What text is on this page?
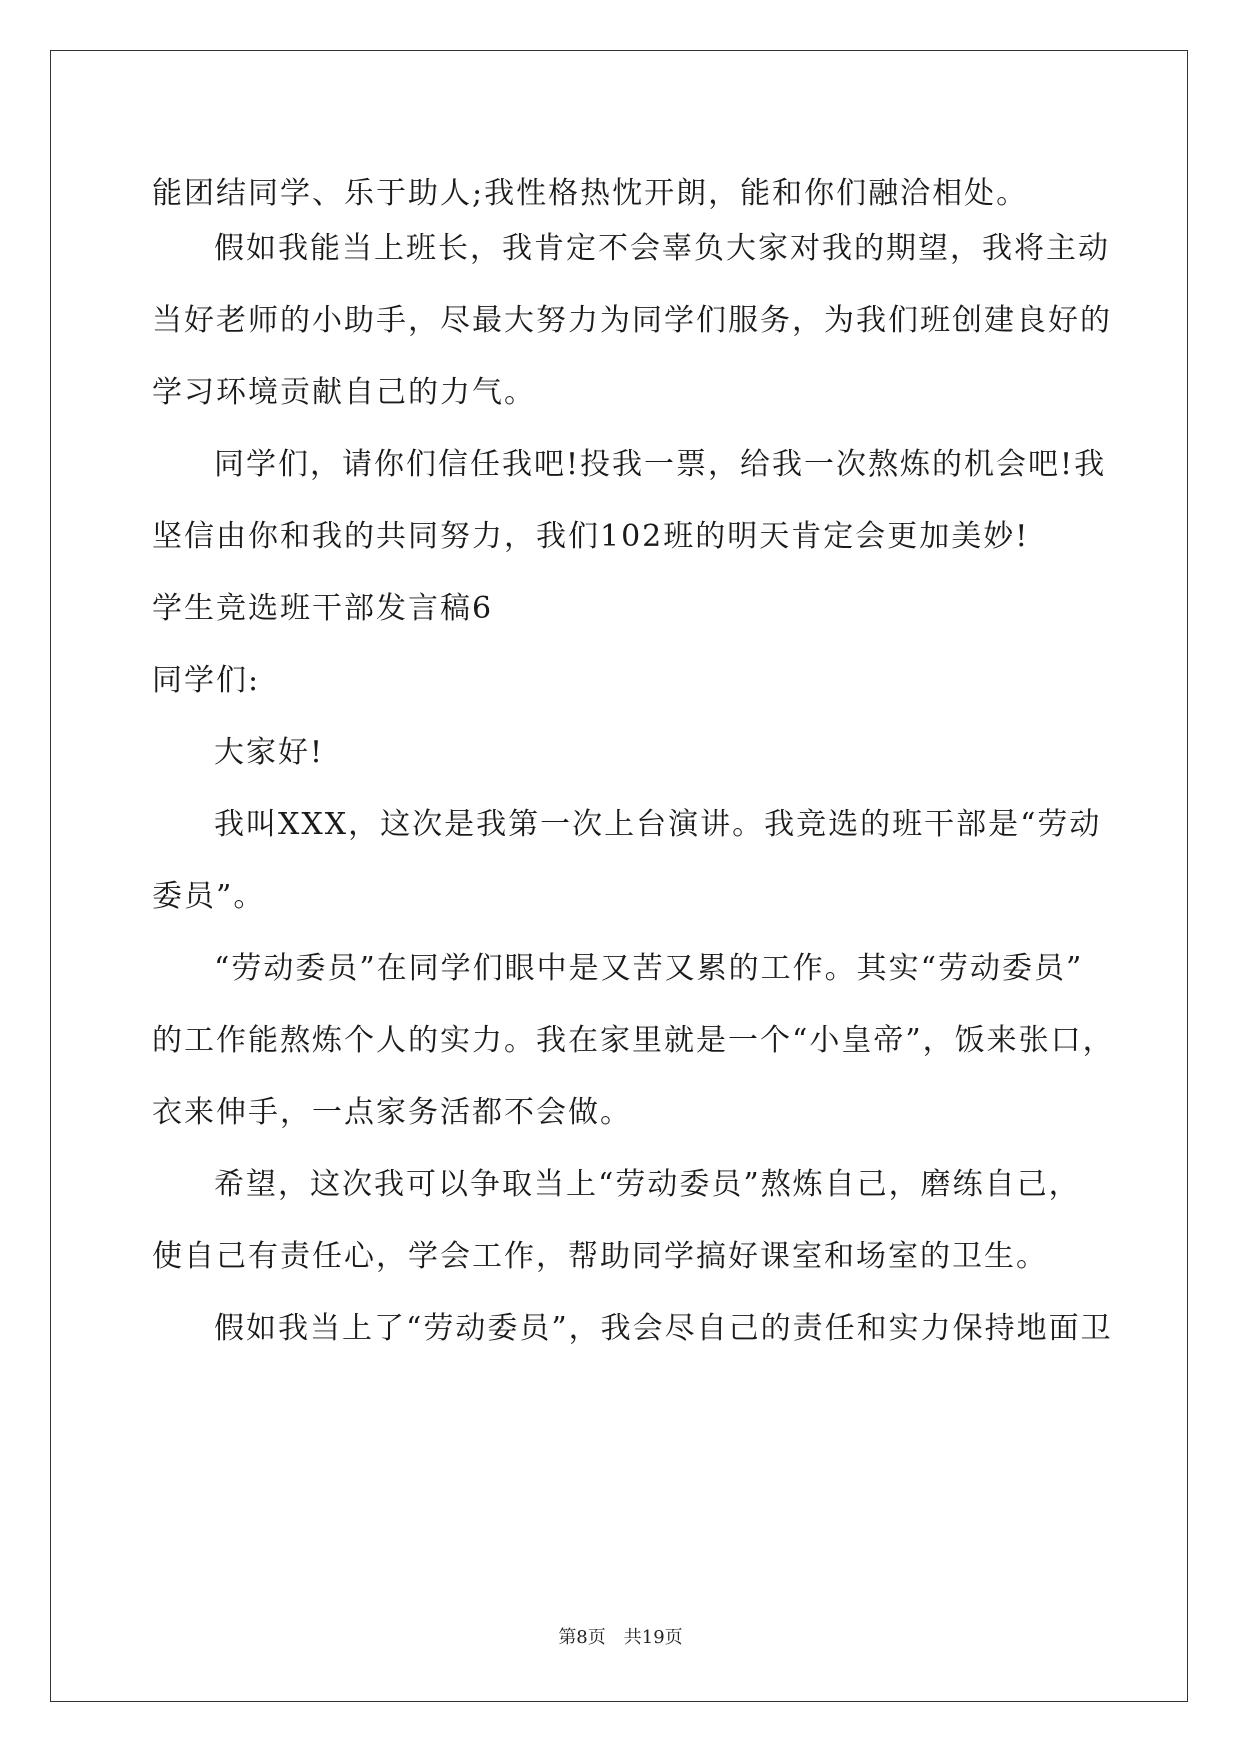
能团结同学、乐于助人;我性格热忱开朗，能和你们融洽相处。
假如我能当上班长，我肯定不会辜负大家对我的期望，我将主动
当好老师的小助手，尽最大努力为同学们服务，为我们班创建良好的
学习环境贡献自己的力气。
同学们，请你们信任我吧!投我一票，给我一次熬炼的机会吧!我
坚信由你和我的共同努力，我们102班的明天肯定会更加美妙!
学生竞选班干部发言稿6
同学们:
大家好!
我叫XXX，这次是我第一次上台演讲。我竞选的班干部是“劳动
委员”。
“劳动委员”在同学们眼中是又苦又累的工作。其实“劳动委员”
的工作能熬炼个人的实力。我在家里就是一个“小皇帝”，饭来张口，
衣来伸手，一点家务活都不会做。
希望，这次我可以争取当上“劳动委员”熬炼自己，磨练自己，
使自己有责任心，学会工作，帮助同学搞好课室和场室的卫生。
假如我当上了“劳动委员”，我会尽自己的责任和实力保持地面卫
第8页 共19页
